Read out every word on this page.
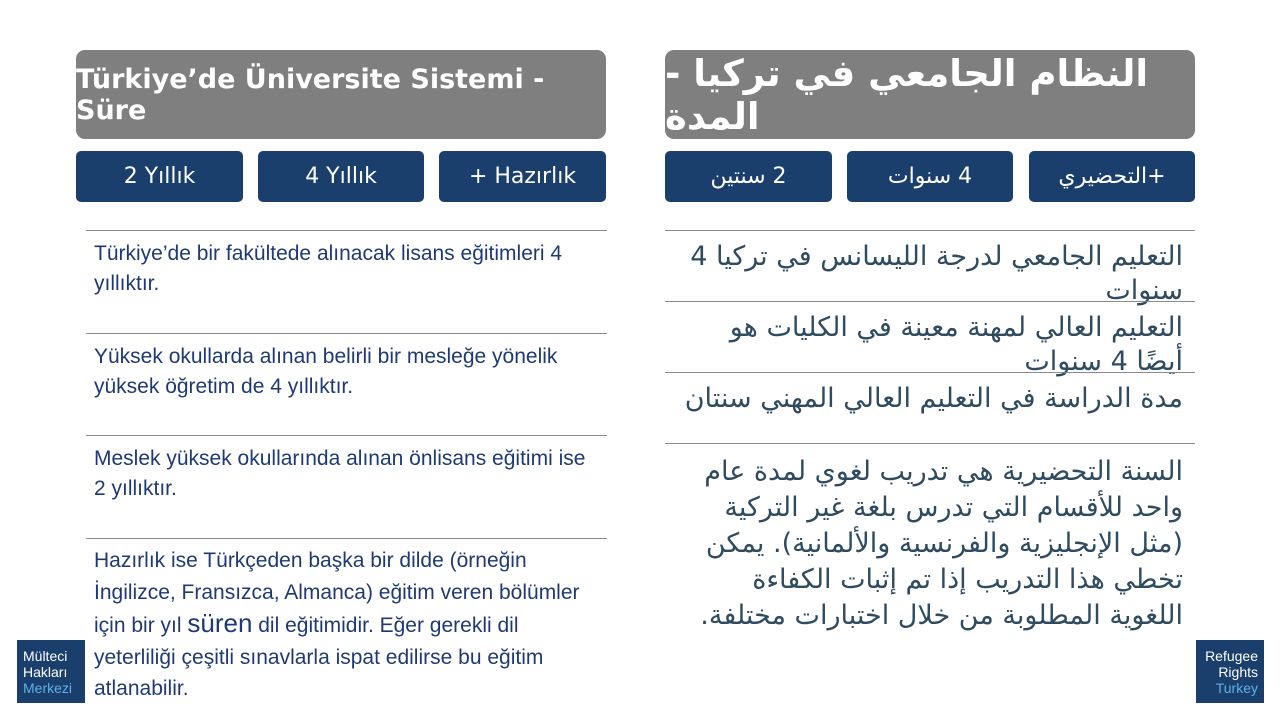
Türkiye’de Üniversite Sistemi - Süre
النظام الجامعي في تركيا - المدة
2 Yıllık	4 Yıllık	+ Hazırlık	2 سنتين	4 سنوات	+التحضيري
Türkiye’de bir fakültede alınacak lisans eğitimleri 4 yıllıktır.
Yüksek okullarda alınan belirli bir mesleğe yönelik yüksek öğretim de 4 yıllıktır.
Meslek yüksek okullarında alınan önlisans eğitimi ise 2 yıllıktır.
Hazırlık ise Türkçeden başka bir dilde (örneğin İngilizce, Fransızca, Almanca) eğitim veren bölümler için bir yıl süren dil eğitimidir. Eğer gerekli dil yeterliliği çeşitli sınavlarla ispat edilirse bu eğitim atlanabilir.
التعليم الجامعي لدرجة الليسانس في تركيا 4 سنوات
التعليم العالي لمهنة معينة في الكليات هو أيضًا 4 سنوات
مدة الدراسة في التعليم العالي المهني سنتان
السنة التحضيرية هي تدريب لغوي لمدة عام واحد للأقسام التي تدرس بلغة غير التركية (مثل الإنجليزية والفرنسية والألمانية). يمكن تخطي هذا التدريب إذا تم إثبات الكفاءة اللغوية المطلوبة من خلال اختبارات مختلفة.
Mülteci
Hakları
Merkezi
Refugee
Rights
Turkey
